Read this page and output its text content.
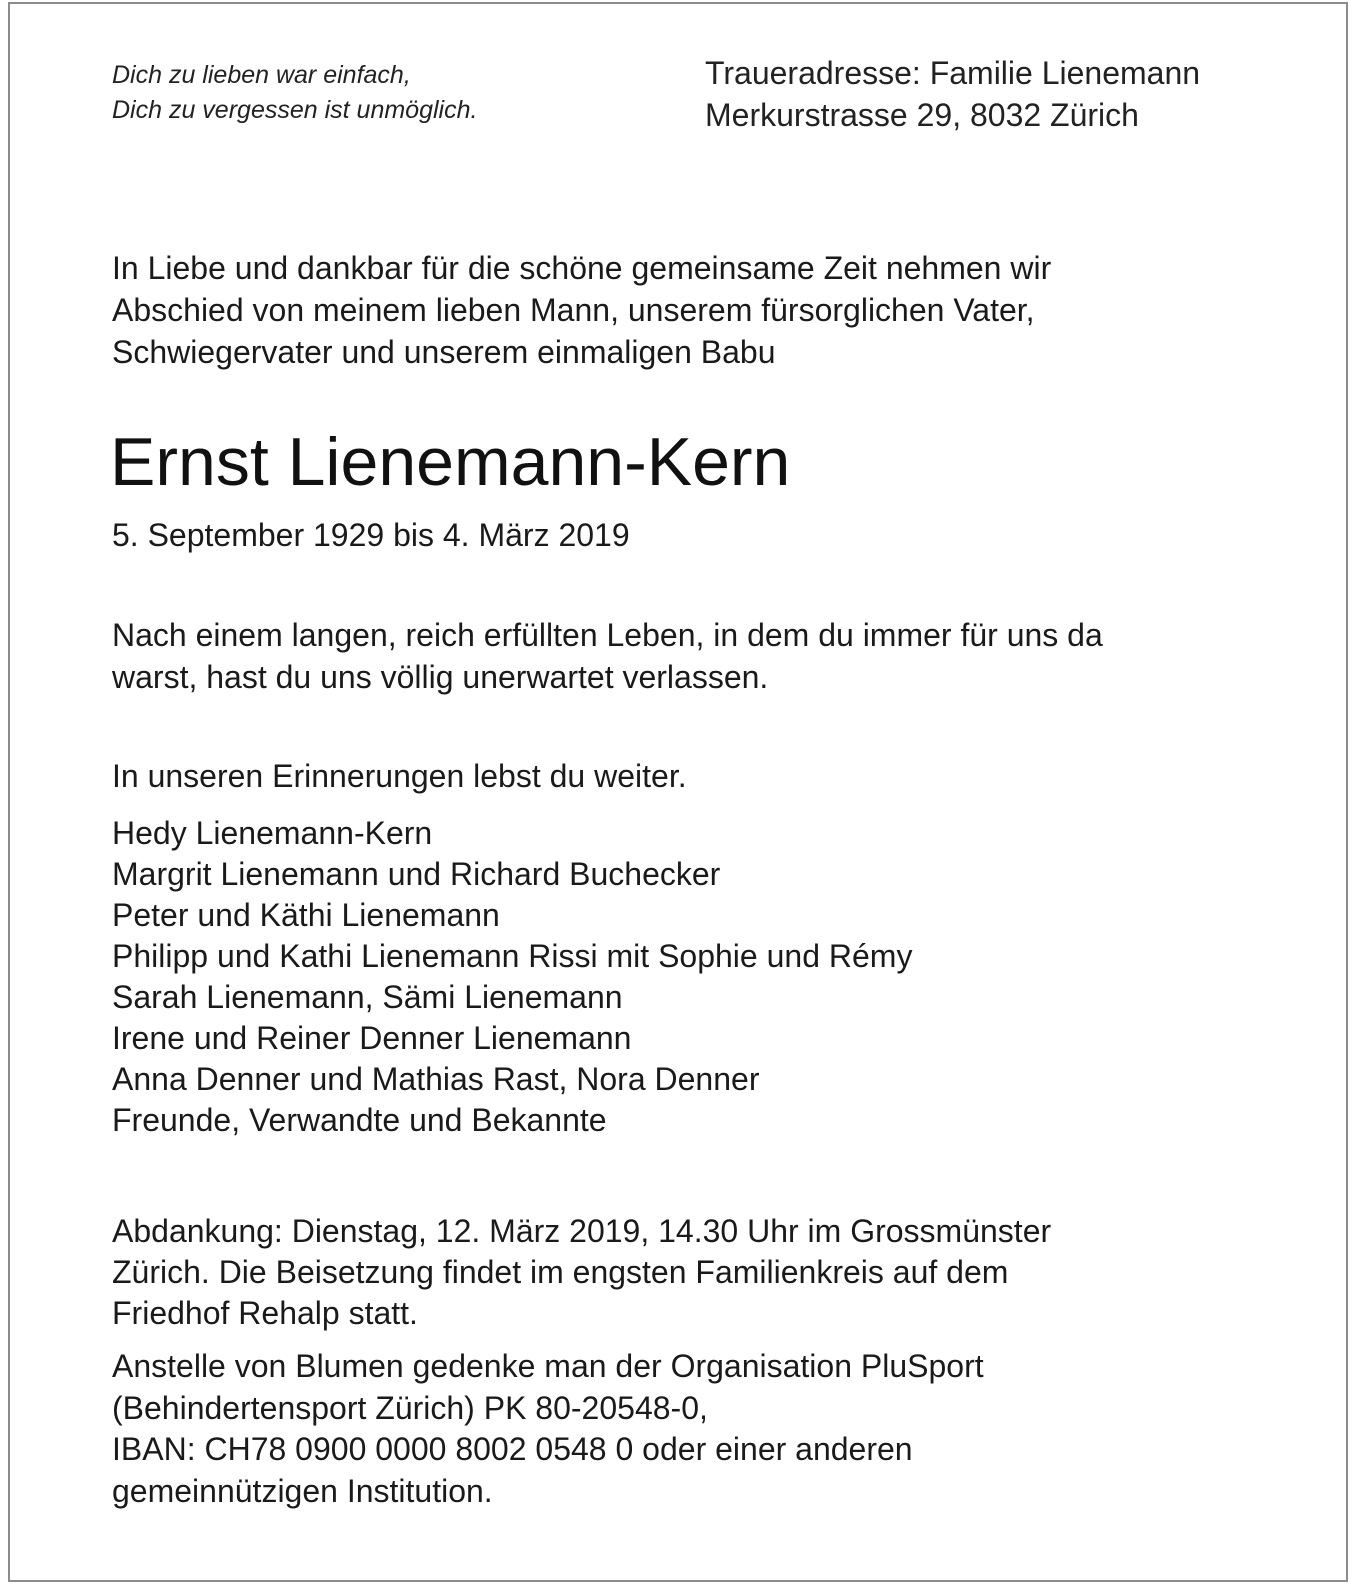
Dich zu lieben war einfach,
Dich zu vergessen ist unmöglich.
Traueradresse: Familie Lienemann
Merkurstrasse 29, 8032 Zürich
In Liebe und dankbar für die schöne gemeinsame Zeit nehmen wir
Abschied von meinem lieben Mann, unserem fürsorglichen Vater,
Schwiegervater und unserem einmaligen Babu
Ernst Lienemann-Kern
5. September 1929 bis 4. März 2019
Nach einem langen, reich erfüllten Leben, in dem du immer für uns da
warst, hast du uns völlig unerwartet verlassen.
In unseren Erinnerungen lebst du weiter.
Hedy Lienemann-Kern
Margrit Lienemann und Richard Buchecker
Peter und Käthi Lienemann
Philipp und Kathi Lienemann Rissi mit Sophie und Rémy
Sarah Lienemann, Sämi Lienemann
Irene und Reiner Denner Lienemann
Anna Denner und Mathias Rast, Nora Denner
Freunde, Verwandte und Bekannte
Abdankung: Dienstag, 12. März 2019, 14.30 Uhr im Grossmünster
Zürich. Die Beisetzung findet im engsten Familienkreis auf dem
Friedhof Rehalp statt.
Anstelle von Blumen gedenke man der Organisation PluSport
(Behindertensport Zürich) PK 80-20548-0,
IBAN: CH78 0900 0000 8002 0548 0 oder einer anderen
gemeinnützigen Institution.
